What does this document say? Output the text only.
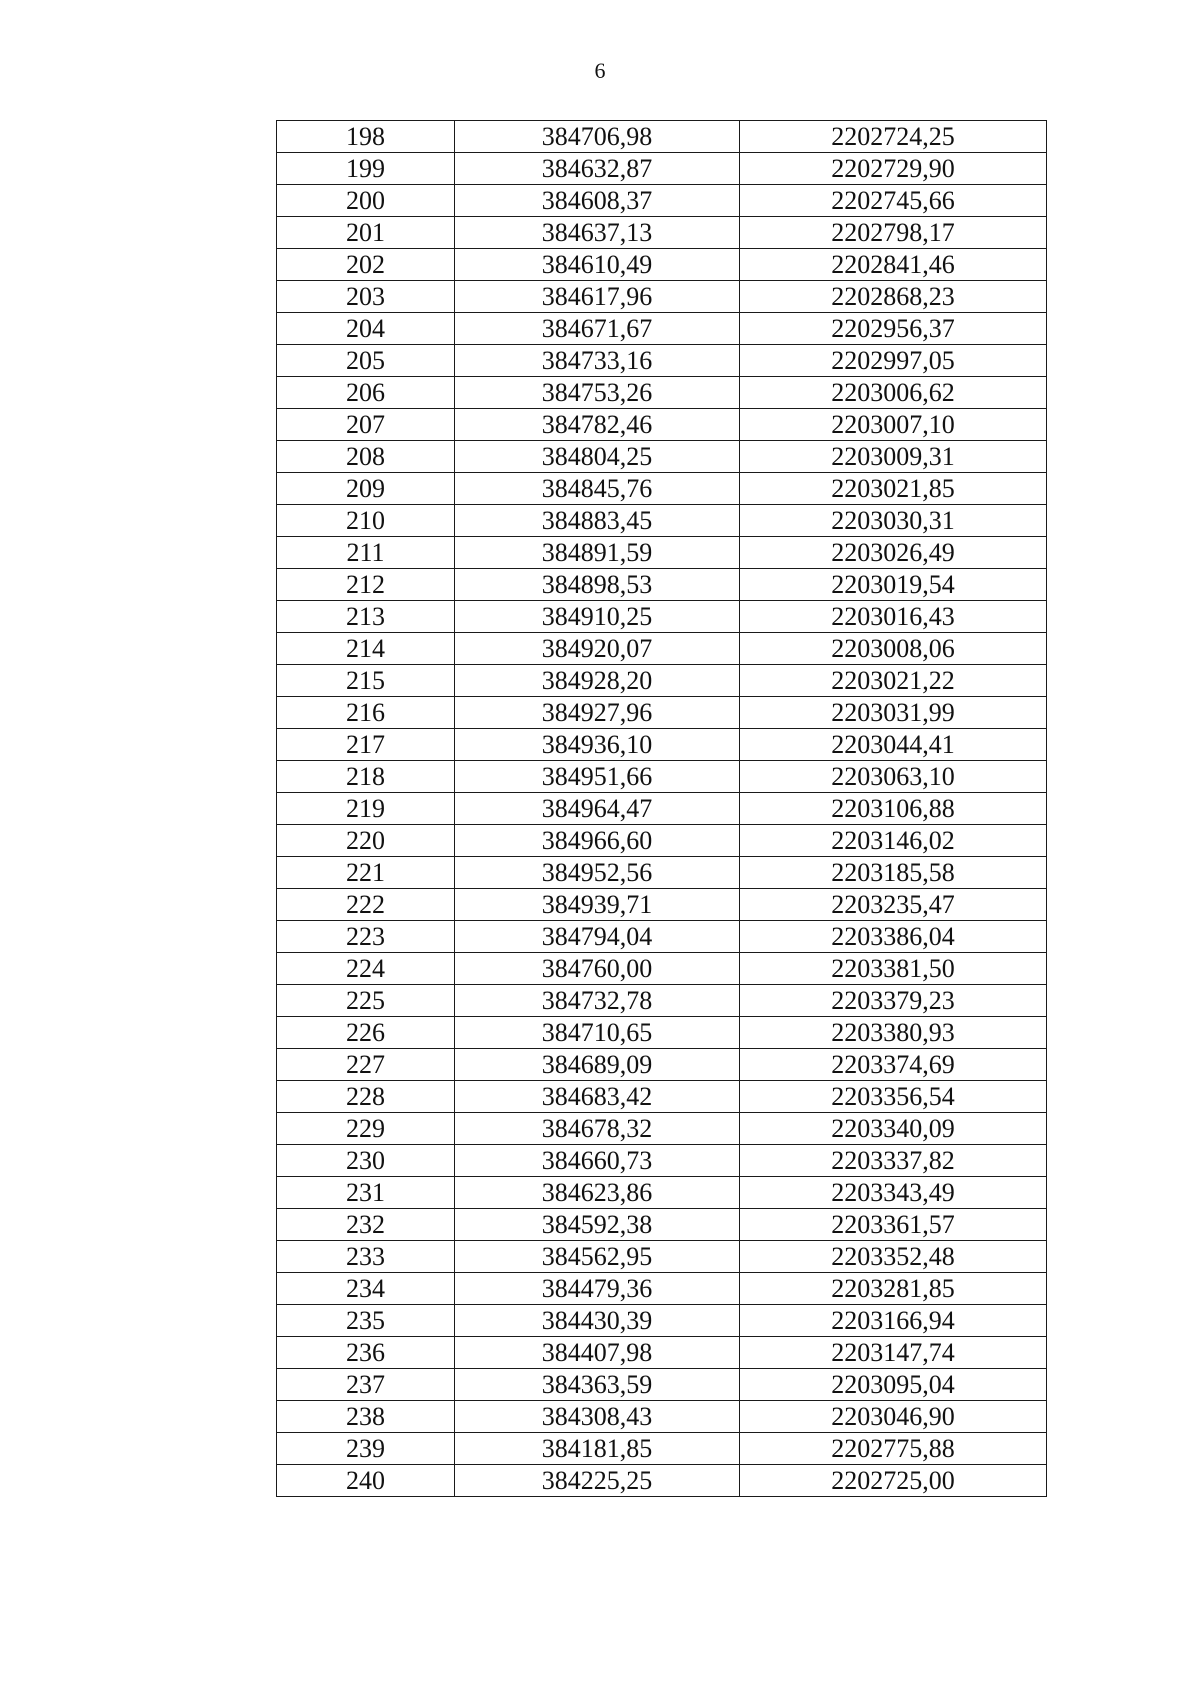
6
198	384706,98	2202724,25
199	384632,87	2202729,90
200	384608,37	2202745,66
201	384637,13	2202798,17
202	384610,49	2202841,46
203	384617,96	2202868,23
204	384671,67	2202956,37
205	384733,16	2202997,05
206	384753,26	2203006,62
207	384782,46	2203007,10
208	384804,25	2203009,31
209	384845,76	2203021,85
210	384883,45	2203030,31
211	384891,59	2203026,49
212	384898,53	2203019,54
213	384910,25	2203016,43
214	384920,07	2203008,06
215	384928,20	2203021,22
216	384927,96	2203031,99
217	384936,10	2203044,41
218	384951,66	2203063,10
219	384964,47	2203106,88
220	384966,60	2203146,02
221	384952,56	2203185,58
222	384939,71	2203235,47
223	384794,04	2203386,04
224	384760,00	2203381,50
225	384732,78	2203379,23
226	384710,65	2203380,93
227	384689,09	2203374,69
228	384683,42	2203356,54
229	384678,32	2203340,09
230	384660,73	2203337,82
231	384623,86	2203343,49
232	384592,38	2203361,57
233	384562,95	2203352,48
234	384479,36	2203281,85
235	384430,39	2203166,94
236	384407,98	2203147,74
237	384363,59	2203095,04
238	384308,43	2203046,90
239	384181,85	2202775,88
240	384225,25	2202725,00
